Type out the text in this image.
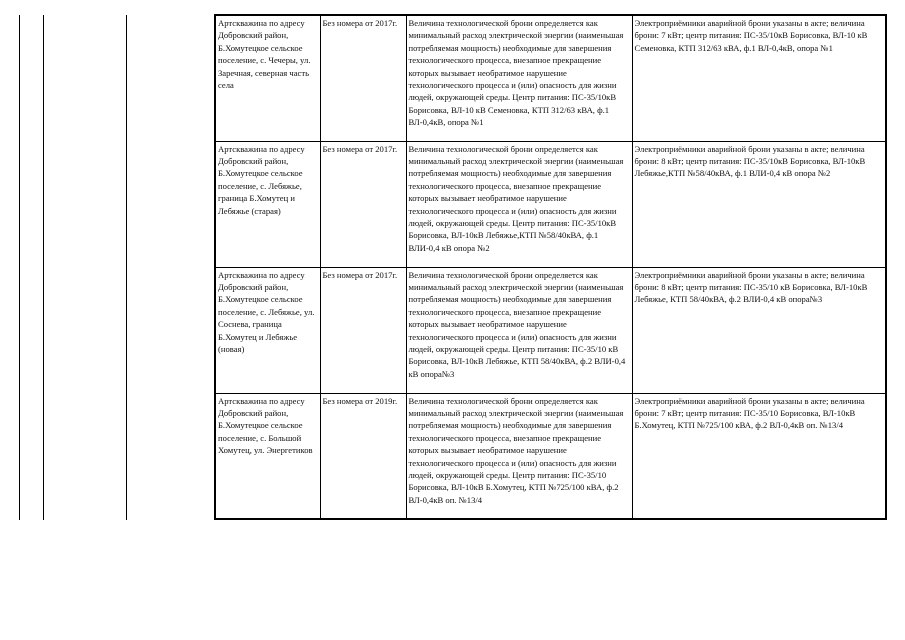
Артскважина по адресу Добровский район, Б.Хомутецкое сельское поселение, с. Чечеры, ул. Заречная, северная часть села	Без номера от 2017г.	Величина технологической брони определяется как минимальный расход электрической энергии (наименьшая потребляемая мощность) необходимые для завершения технологического процесса, внезапное прекращение которых вызывает необратимое нарушение технологического процесса и (или) опасность для жизни людей, окружающей среды. Центр питания: ПС-35/10кВ Борисовка, ВЛ-10 кВ Семеновка, КТП 312/63 кВА, ф.1 ВЛ-0,4кВ, опора №1	Электроприёмники аварийной брони указаны в акте; величина брони: 7 кВт; центр питания: ПС-35/10кВ Борисовка, ВЛ-10 кВ Семеновка, КТП 312/63 кВА, ф.1 ВЛ-0,4кВ, опора №1
Артскважина по адресу Добровский район, Б.Хомутецкое сельское поселение, с. Лебяжье, граница Б.Хомутец и Лебяжье (старая)	Без номера от 2017г.	Величина технологической брони определяется как минимальный расход электрической энергии (наименьшая потребляемая мощность) необходимые для завершения технологического процесса, внезапное прекращение которых вызывает необратимое нарушение технологического процесса и (или) опасность для жизни людей, окружающей среды. Центр питания: ПС-35/10кВ Борисовка, ВЛ-10кВ Лебяжье,КТП №58/40кВА, ф.1 ВЛИ-0,4 кВ опора №2	Электроприёмники аварийной брони указаны в акте; величина брони: 8 кВт; центр питания: ПС-35/10кВ Борисовка, ВЛ-10кВ Лебяжье,КТП №58/40кВА, ф.1 ВЛИ-0,4 кВ опора №2
Артскважина по адресу Добровский район, Б.Хомутецкое сельское поселение, с. Лебяжье, ул. Соснева, граница Б.Хомутец и Лебяжье (новая)	Без номера от 2017г.	Величина технологической брони определяется как минимальный расход электрической энергии (наименьшая потребляемая мощность) необходимые для завершения технологического процесса, внезапное прекращение которых вызывает необратимое нарушение технологического процесса и (или) опасность для жизни людей, окружающей среды. Центр питания: ПС-35/10 кВ Борисовка, ВЛ-10кВ Лебяжье, КТП 58/40кВА, ф.2 ВЛИ-0,4 кВ опора№3	Электроприёмники аварийной брони указаны в акте; величина брони: 8 кВт; центр питания: ПС-35/10 кВ Борисовка, ВЛ-10кВ Лебяжье, КТП 58/40кВА, ф.2 ВЛИ-0,4 кВ опора№3
Артскважина по адресу Добровский район, Б.Хомутецкое сельское поселение, с. Большой Хомутец, ул. Энергетиков	Без номера от 2019г.	Величина технологической брони определяется как минимальный расход электрической энергии (наименьшая потребляемая мощность) необходимые для завершения технологического процесса, внезапное прекращение которых вызывает необратимое нарушение технологического процесса и (или) опасность для жизни людей, окружающей среды. Центр питания: ПС-35/10 Борисовка, ВЛ-10кВ Б.Хомутец, КТП №725/100 кВА, ф.2 ВЛ-0,4кВ оп. №13/4	Электроприёмники аварийной брони указаны в акте; величина брони: 7 кВт; центр питания: ПС-35/10 Борисовка, ВЛ-10кВ Б.Хомутец, КТП №725/100 кВА, ф.2 ВЛ-0,4кВ оп. №13/4
